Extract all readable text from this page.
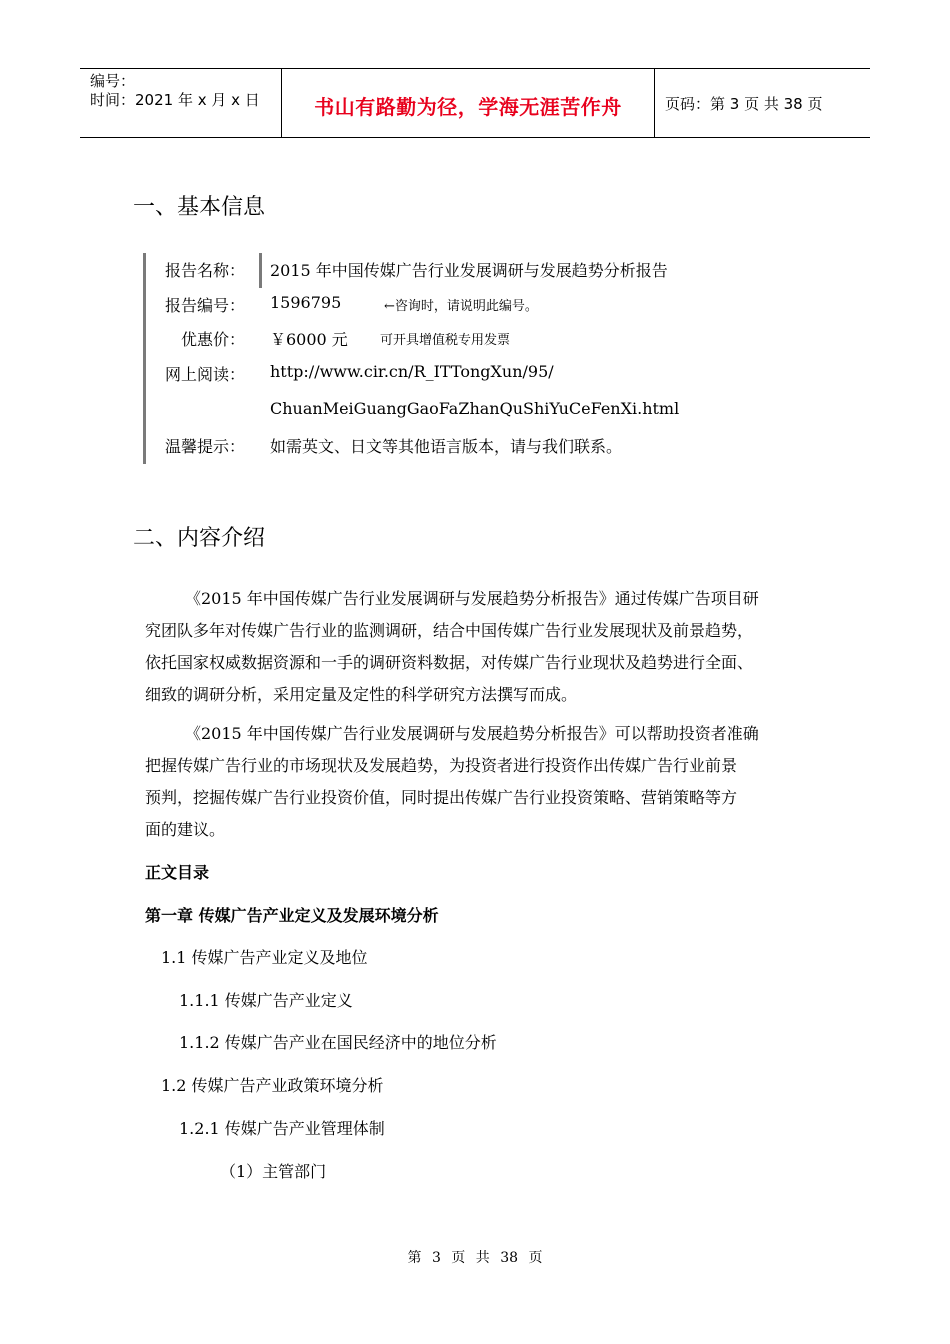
编号：
时间：2021 年 x 月 x 日	书山有路勤为径，学海无涯苦作舟	页码：第 3 页 共 38 页
一、基本信息
报告名称： 2015 年中国传媒广告行业发展调研与发展趋势分析报告
报告编号： 1596795	←咨询时，请说明此编号。
优惠价：	￥6000 元 可开具增值税专用发票
网上阅读： http://www.cir.cn/R_ITTongXun/95/
ChuanMeiGuangGaoFaZhanQuShiYuCeFenXi.html
温馨提示： 如需英文、日文等其他语言版本，请与我们联系。
二、内容介绍
《2015 年中国传媒广告行业发展调研与发展趋势分析报告》通过传媒广告项目研
究团队多年对传媒广告行业的监测调研，结合中国传媒广告行业发展现状及前景趋势，
依托国家权威数据资源和一手的调研资料数据，对传媒广告行业现状及趋势进行全面、
细致的调研分析，采用定量及定性的科学研究方法撰写而成。
《2015 年中国传媒广告行业发展调研与发展趋势分析报告》可以帮助投资者准确
把握传媒广告行业的市场现状及发展趋势，为投资者进行投资作出传媒广告行业前景
预判，挖掘传媒广告行业投资价值，同时提出传媒广告行业投资策略、营销策略等方
面的建议。
正文目录
第一章 传媒广告产业定义及发展环境分析
1.1 传媒广告产业定义及地位
1.1.1 传媒广告产业定义
1.1.2 传媒广告产业在国民经济中的地位分析
1.2 传媒广告产业政策环境分析
1.2.1 传媒广告产业管理体制
（1）主管部门
第 3 页 共 38 页
